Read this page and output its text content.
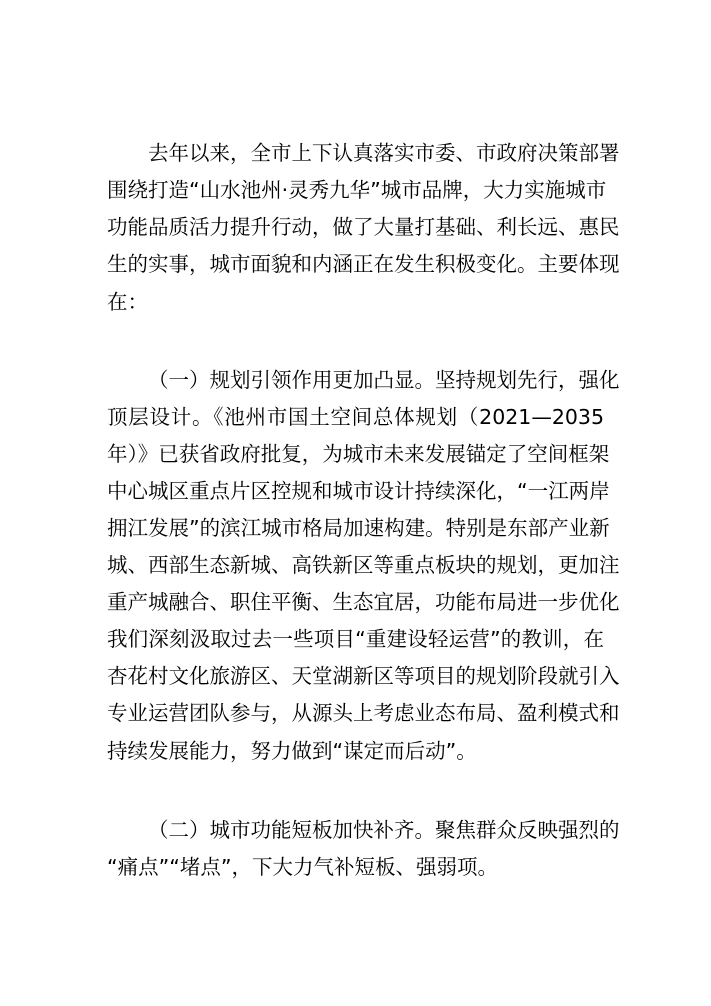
去年以来，全市上下认真落实市委、市政府决策部署
围绕打造“山水池州·灵秀九华”城市品牌，大力实施城市
功能品质活力提升行动，做了大量打基础、利长远、惠民
生的实事，城市面貌和内涵正在发生积极变化。主要体现
在：
（一）规划引领作用更加凸显。坚持规划先行，强化
顶层设计。《池州市国土空间总体规划（2021—2035
年）》已获省政府批复，为城市未来发展锚定了空间框架
中心城区重点片区控规和城市设计持续深化，“一江两岸
拥江发展”的滨江城市格局加速构建。特别是东部产业新
城、西部生态新城、高铁新区等重点板块的规划，更加注
重产城融合、职住平衡、生态宜居，功能布局进一步优化
我们深刻汲取过去一些项目“重建设轻运营”的教训，在
杏花村文化旅游区、天堂湖新区等项目的规划阶段就引入
专业运营团队参与，从源头上考虑业态布局、盈利模式和
持续发展能力，努力做到“谋定而后动”。
（二）城市功能短板加快补齐。聚焦群众反映强烈的
“痛点”“堵点”，下大力气补短板、强弱项。
